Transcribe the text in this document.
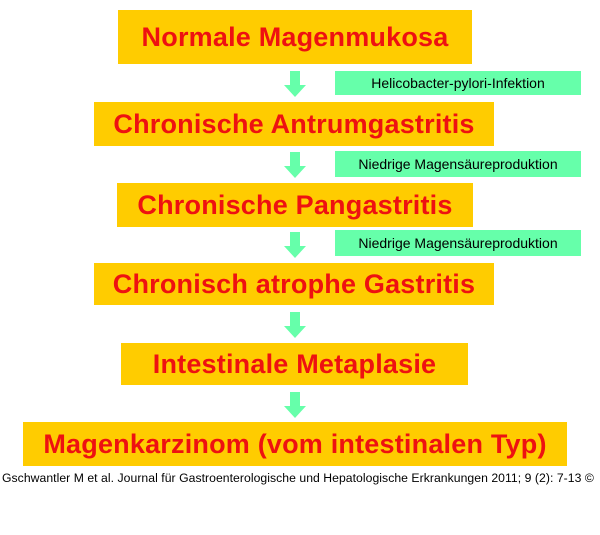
Normale Magenmukosa
Chronische Antrumgastritis
Chronische Pangastritis
Chronisch atrophe Gastritis
Intestinale Metaplasie
Magenkarzinom (vom intestinalen Typ)
Helicobacter-pylori-Infektion
Niedrige Magensäureproduktion
Niedrige Magensäureproduktion
Gschwantler M et al. Journal für Gastroenterologische und Hepatologische Erkrankungen 2011; 9 (2): 7-13 ©
